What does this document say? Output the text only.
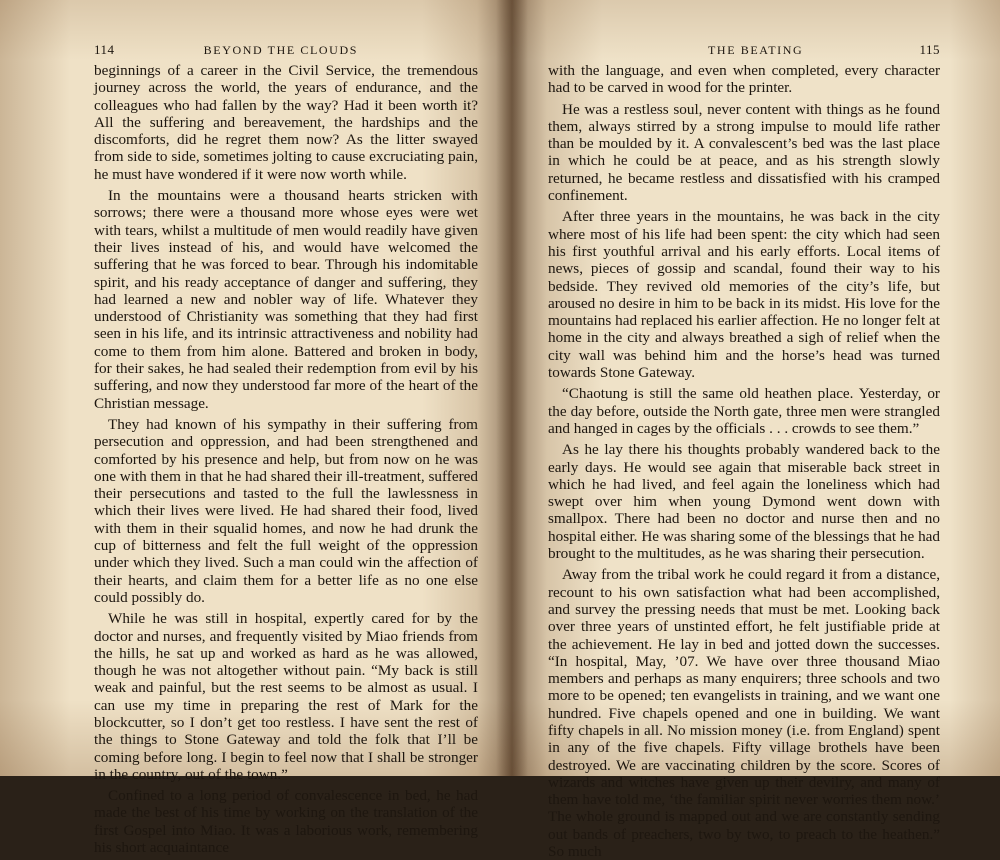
114	BEYOND THE CLOUDS

beginnings of a career in the Civil Service, the tremendous journey across the world, the years of endurance, and the colleagues who had fallen by the way? Had it been worth it? All the suffering and bereavement, the hardships and the discomforts, did he regret them now? As the litter swayed from side to side, sometimes jolting to cause excruciating pain, he must have wondered if it were now worth while.

In the mountains were a thousand hearts stricken with sorrows; there were a thousand more whose eyes were wet with tears, whilst a multitude of men would readily have given their lives instead of his, and would have welcomed the suffering that he was forced to bear. Through his indomitable spirit, and his ready acceptance of danger and suffering, they had learned a new and nobler way of life. Whatever they understood of Christianity was something that they had first seen in his life, and its intrinsic attractiveness and nobility had come to them from him alone. Battered and broken in body, for their sakes, he had sealed their redemption from evil by his suffering, and now they understood far more of the heart of the Christian message.

They had known of his sympathy in their suffering from persecution and oppression, and had been strengthened and comforted by his presence and help, but from now on he was one with them in that he had shared their ill-treatment, suffered their persecutions and tasted to the full the lawlessness in which their lives were lived. He had shared their food, lived with them in their squalid homes, and now he had drunk the cup of bitterness and felt the full weight of the oppression under which they lived. Such a man could win the affection of their hearts, and claim them for a better life as no one else could possibly do.

While he was still in hospital, expertly cared for by the doctor and nurses, and frequently visited by Miao friends from the hills, he sat up and worked as hard as he was allowed, though he was not altogether without pain. “My back is still weak and painful, but the rest seems to be almost as usual. I can use my time in preparing the rest of Mark for the blockcutter, so I don’t get too restless. I have sent the rest of the things to Stone Gateway and told the folk that I’ll be coming before long. I begin to feel now that I shall be stronger in the country, out of the town.”

Confined to a long period of convalescence in bed, he had made the best of his time by working on the translation of the first Gospel into Miao. It was a laborious work, remembering his short acquaintance

THE BEATING	115

with the language, and even when completed, every character had to be carved in wood for the printer.

He was a restless soul, never content with things as he found them, always stirred by a strong impulse to mould life rather than be moulded by it. A convalescent’s bed was the last place in which he could be at peace, and as his strength slowly returned, he became restless and dissatisfied with his cramped confinement.

After three years in the mountains, he was back in the city where most of his life had been spent: the city which had seen his first youthful arrival and his early efforts. Local items of news, pieces of gossip and scandal, found their way to his bedside. They revived old memories of the city’s life, but aroused no desire in him to be back in its midst. His love for the mountains had replaced his earlier affection. He no longer felt at home in the city and always breathed a sigh of relief when the city wall was behind him and the horse’s head was turned towards Stone Gateway.

“Chaotung is still the same old heathen place. Yesterday, or the day before, outside the North gate, three men were strangled and hanged in cages by the officials . . . crowds to see them.”

As he lay there his thoughts probably wandered back to the early days. He would see again that miserable back street in which he had lived, and feel again the loneliness which had swept over him when young Dymond went down with smallpox. There had been no doctor and nurse then and no hospital either. He was sharing some of the blessings that he had brought to the multitudes, as he was sharing their persecution.

Away from the tribal work he could regard it from a distance, recount to his own satisfaction what had been accomplished, and survey the pressing needs that must be met. Looking back over three years of unstinted effort, he felt justifiable pride at the achievement. He lay in bed and jotted down the successes. “In hospital, May, ’07. We have over three thousand Miao members and perhaps as many enquirers; three schools and two more to be opened; ten evangelists in training, and we want one hundred. Five chapels opened and one in building. We want fifty chapels in all. No mission money (i.e. from England) spent in any of the five chapels. Fifty village brothels have been destroyed. We are vaccinating children by the score. Scores of wizards and witches have given up their devilry, and many of them have told me, ‘the familiar spirit never worries them now.’ The whole ground is mapped out and we are constantly sending out bands of preachers, two by two, to preach to the heathen.” So much
